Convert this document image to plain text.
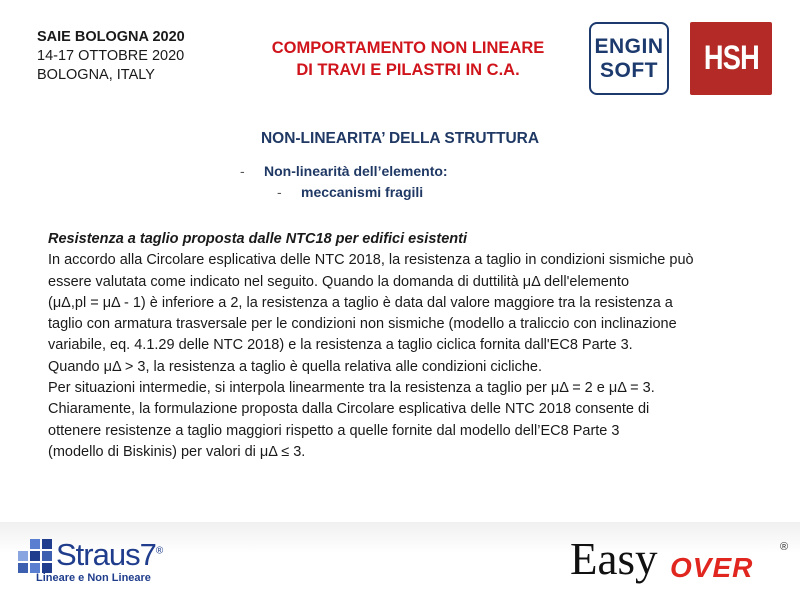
SAIE BOLOGNA 2020
14-17 OTTOBRE 2020
BOLOGNA, ITALY
COMPORTAMENTO NON LINEARE
DI TRAVI E PILASTRI IN C.A.
ENGIN
SOFT HSH
NON-LINEARITA’ DELLA STRUTTURA
- Non-linearità dell’elemento:
- meccanismi fragili

Resistenza a taglio proposta dalle NTC18 per edifici esistenti

In accordo alla Circolare esplicativa delle NTC 2018, la resistenza a taglio in condizioni sismiche può

essere valutata come indicato nel seguito. Quando la domanda di duttilità μΔ dell'elemento

(μΔ,pl = μΔ - 1) è inferiore a 2, la resistenza a taglio è data dal valore maggiore tra la resistenza a

taglio con armatura trasversale per le condizioni non sismiche (modello a traliccio con inclinazione

variabile, eq. 4.1.29 delle NTC 2018) e la resistenza a taglio ciclica fornita dall'EC8 Parte 3.

Quando μΔ > 3, la resistenza a taglio è quella relativa alle condizioni cicliche.

Per situazioni intermedie, si interpola linearmente tra la resistenza a taglio per μΔ = 2 e μΔ = 3.

Chiaramente, la formulazione proposta dalla Circolare esplicativa delle NTC 2018 consente di

ottenere resistenze a taglio maggiori rispetto a quelle fornite dal modello dell’EC8 Parte 3

(modello di Biskinis) per valori di μΔ ≤ 3.

Straus7®
Lineare e Non Lineare	Easy OVER
®
